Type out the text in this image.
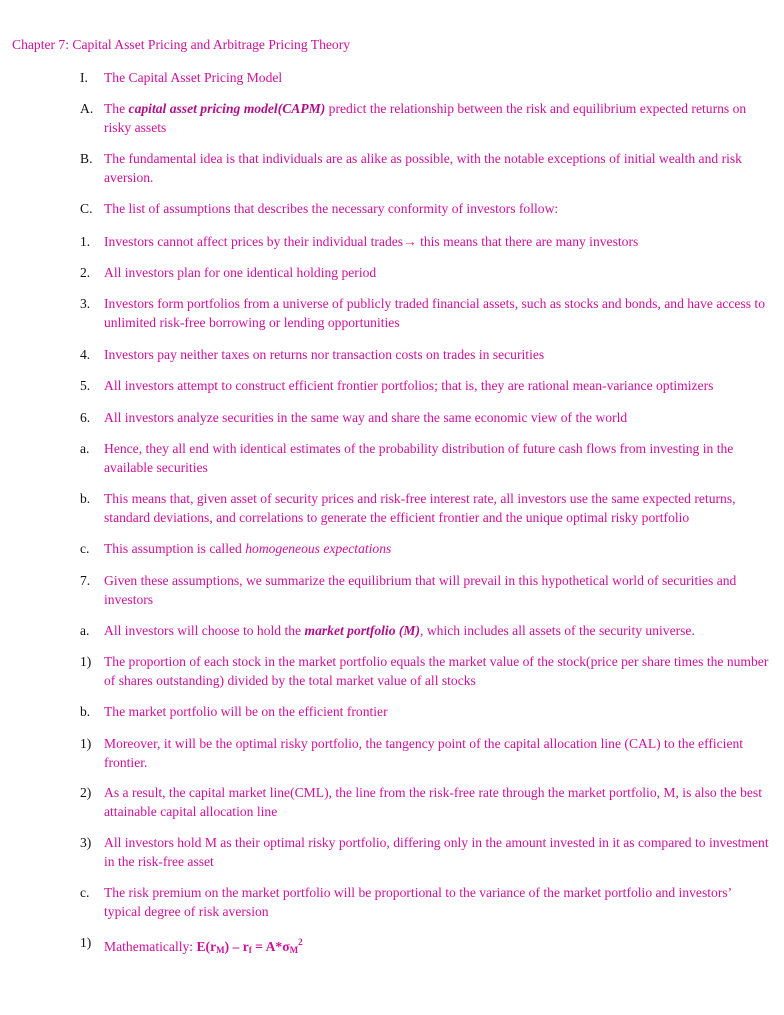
Chapter 7: Capital Asset Pricing and Arbitrage Pricing Theory
I.	The Capital Asset Pricing Model
A. The capital asset pricing model(CAPM) predict the relationship between the risk and equilibrium expected returns on risky assets
B. The fundamental idea is that individuals are as alike as possible, with the notable exceptions of initial wealth and risk aversion.
C. The list of assumptions that describes the necessary conformity of investors follow:
1.	Investors cannot affect prices by their individual trades→ this means that there are many investors
2.	All investors plan for one identical holding period
3.	Investors form portfolios from a universe of publicly traded financial assets, such as stocks and bonds, and have access to unlimited risk-free borrowing or lending opportunities
4.	Investors pay neither taxes on returns nor transaction costs on trades in securities
5.	All investors attempt to construct efficient frontier portfolios; that is, they are rational mean-variance optimizers
6.	All investors analyze securities in the same way and share the same economic view of the world
a.	Hence, they all end with identical estimates of the probability distribution of future cash flows from investing in the available securities
b.	This means that, given asset of security prices and risk-free interest rate, all investors use the same expected returns, standard deviations, and correlations to generate the efficient frontier and the unique optimal risky portfolio
c.	This assumption is called homogeneous expectations
7.	Given these assumptions, we summarize the equilibrium that will prevail in this hypothetical world of securities and investors
a.	All investors will choose to hold the market portfolio (M), which includes all assets of the security universe.
1) The proportion of each stock in the market portfolio equals the market value of the stock(price per share times the number of shares outstanding) divided by the total market value of all stocks
b.	The market portfolio will be on the efficient frontier
1) Moreover, it will be the optimal risky portfolio, the tangency point of the capital allocation line (CAL) to the efficient frontier.
2) As a result, the capital market line(CML), the line from the risk-free rate through the market portfolio, M, is also the best attainable capital allocation line
3) All investors hold M as their optimal risky portfolio, differing only in the amount invested in it as compared to investment in the risk-free asset
c.	The risk premium on the market portfolio will be proportional to the variance of the market portfolio and investors’ typical degree of risk aversion
1) Mathematically: $E(r_M) - r_f = A*\sigma_M^2$
